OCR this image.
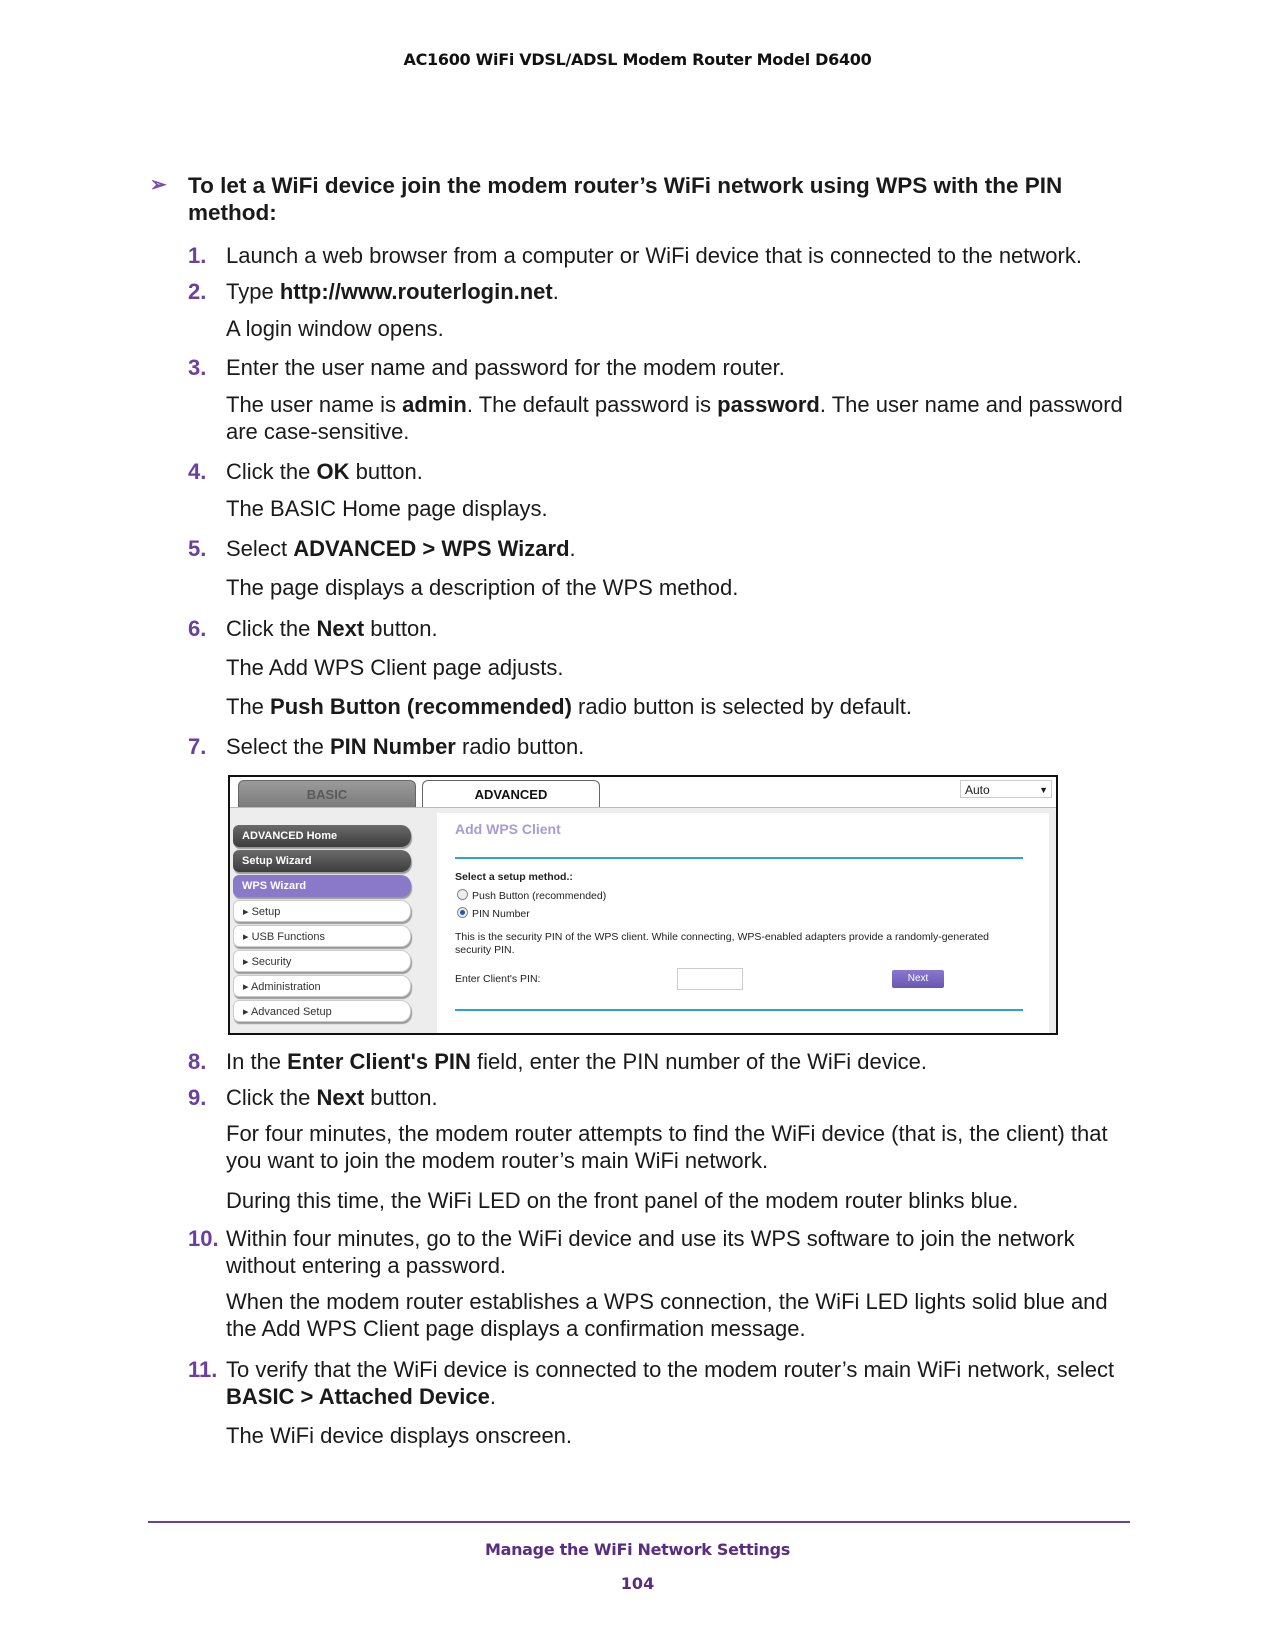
AC1600 WiFi VDSL/ADSL Modem Router Model D6400
➢ To let a WiFi device join the modem router’s WiFi network using WPS with the PIN method:
1. Launch a web browser from a computer or WiFi device that is connected to the network.
2. Type http://www.routerlogin.net.
A login window opens.
3. Enter the user name and password for the modem router.
The user name is admin. The default password is password. The user name and password are case-sensitive.
4. Click the OK button.
The BASIC Home page displays.
5. Select ADVANCED > WPS Wizard.
The page displays a description of the WPS method.
6. Click the Next button.
The Add WPS Client page adjusts.
The Push Button (recommended) radio button is selected by default.
7. Select the PIN Number radio button.
BASIC	ADVANCED	Auto	▼
ADVANCED Home
Setup Wizard
WPS Wizard
▸ Setup
▸ USB Functions
▸ Security
▸ Administration
▸ Advanced Setup
Add WPS Client
Select a setup method.:
Push Button (recommended)
PIN Number
This is the security PIN of the WPS client. While connecting, WPS-enabled adapters provide a randomly-generated security PIN.
Enter Client's PIN:	Next
8. In the Enter Client's PIN field, enter the PIN number of the WiFi device.
9. Click the Next button.
For four minutes, the modem router attempts to find the WiFi device (that is, the client) that you want to join the modem router’s main WiFi network.
During this time, the WiFi LED on the front panel of the modem router blinks blue.
10. Within four minutes, go to the WiFi device and use its WPS software to join the network without entering a password.
When the modem router establishes a WPS connection, the WiFi LED lights solid blue and the Add WPS Client page displays a confirmation message.
11. To verify that the WiFi device is connected to the modem router’s main WiFi network, select BASIC > Attached Device.
The WiFi device displays onscreen.
Manage the WiFi Network Settings
104
